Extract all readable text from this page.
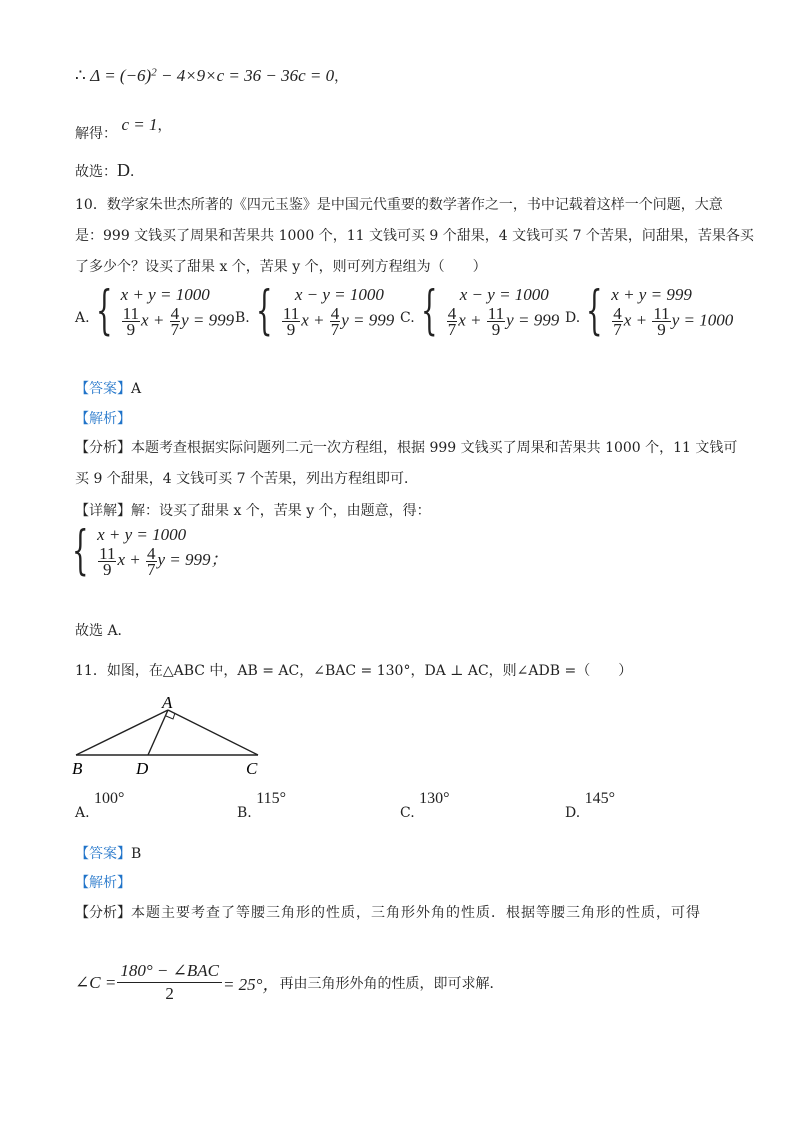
∴ $\Delta = (-6)^2 - 4\times 9\times c = 36 - 36c = 0$，
解得： c = 1，
故选：D．
10．数学家朱世杰所著的《四元玉鉴》是中国元代重要的数学著作之一，书中记载着这样一个问题，大意
是：999 文钱买了周果和苦果共 1000 个，11 文钱可买 9 个甜果，4 文钱可买 7 个苦果，问甜果，苦果各买
了多少个？设买了甜果 x 个，苦果 y 个，则可列方程组为（　　）
A. { x + y = 1000
$\frac{11}{9}$ $x + \frac{4}{7}$ y = 999 B. {	x − y = 1000
$\frac{11}{9}$ $x + \frac{4}{7}$ y = 999 C. {	x − y = 1000
$\frac{4}{7}$ $x + \frac{11}{9}$ y = 999 D. { x + y = 999
$\frac{4}{7}$ $x + \frac{11}{9}$ y = 1000
【答案】A
【解析】
【分析】本题考查根据实际问题列二元一次方程组，根据 999 文钱买了周果和苦果共 1000 个，11 文钱可
买 9 个甜果，4 文钱可买 7 个苦果，列出方程组即可．
【详解】解：设买了甜果 x 个，苦果 y 个，由题意，得：
{ x + y = 1000
$\frac{11}{9}$ $x + \frac{4}{7}$ y = 999；
故选 A．
11．如图，在△ABC 中，AB = AC，∠BAC = 130°，DA ⊥ AC，则∠ADB =（　　）
A
B	D	C
A. 100°
B. 115°
C. 130°
D. 145°
【答案】B
【解析】
【分析】本题主要考查了等腰三角形的性质，三角形外角的性质．根据等腰三角形的性质，可得
∠C = $\frac{\text{180° − ∠BAC}}{2} = 25^\circ$， 再由三角形外角的性质，即可求解．
